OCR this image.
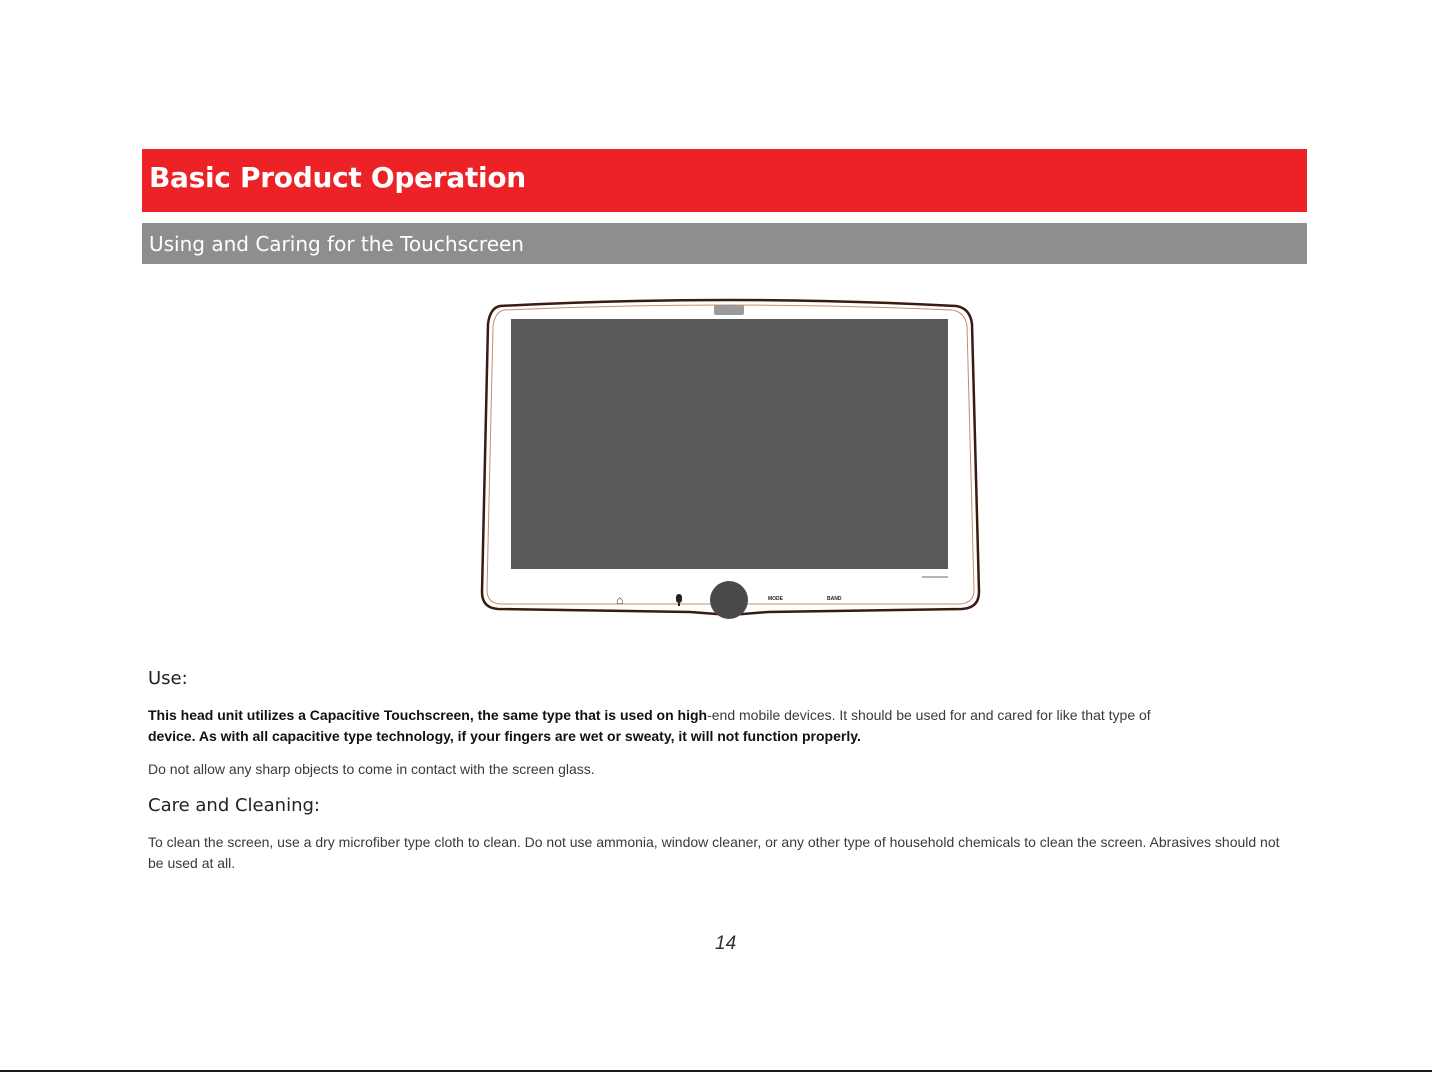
Basic Product Operation
Using and Caring for the Touchscreen
⌂	MODE	BAND
Use:
This head unit utilizes a Capacitive Touchscreen, the same type that is used on high-end mobile devices. It should be used for and cared for like that type of
device. As with all capacitive type technology, if your fingers are wet or sweaty, it will not function properly.
Do not allow any sharp objects to come in contact with the screen glass.
Care and Cleaning:
To clean the screen, use a dry microfiber type cloth to clean. Do not use ammonia, window cleaner, or any other type of household chemicals to clean the screen. Abrasives should not be used at all.
14
